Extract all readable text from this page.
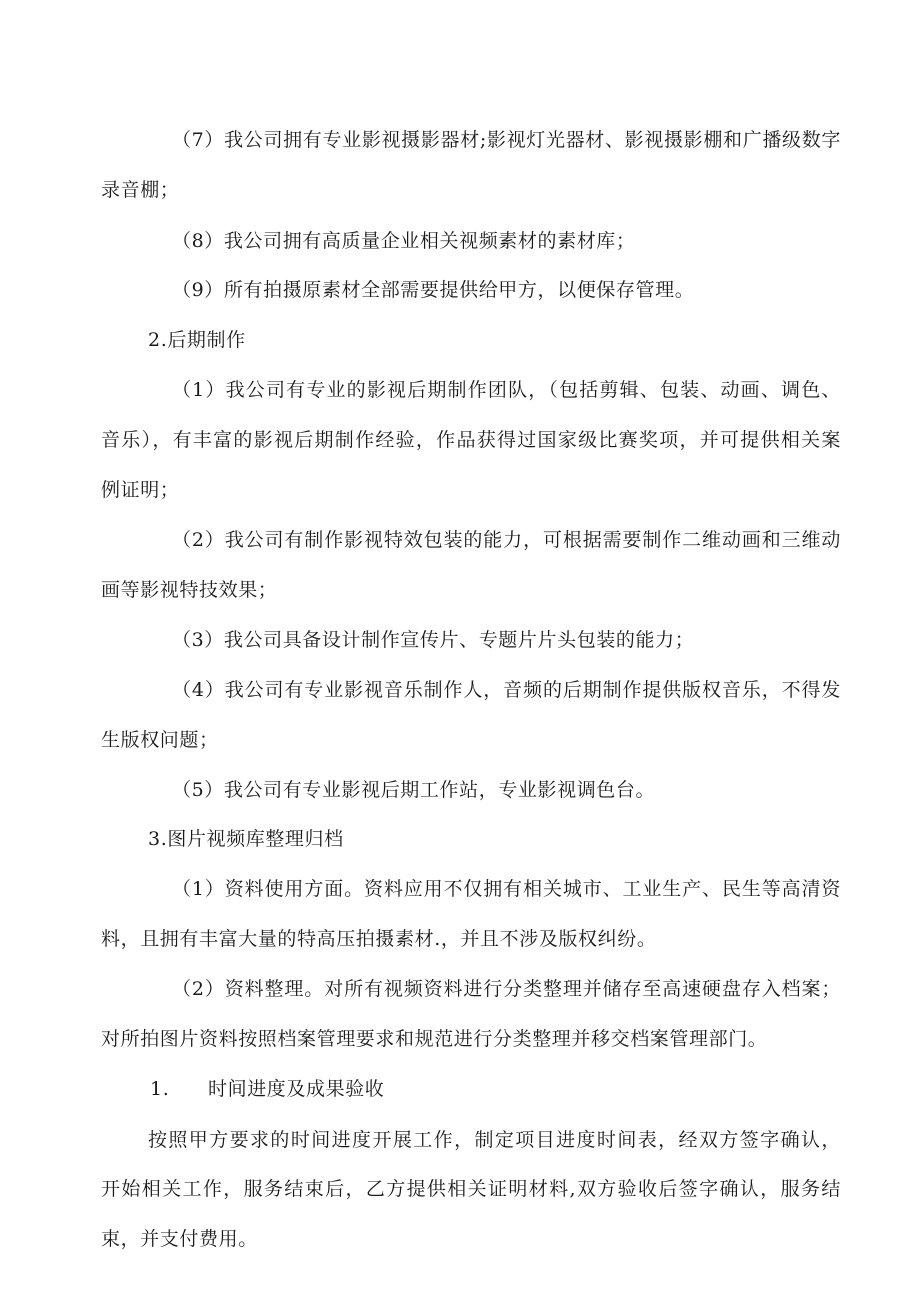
（7）我公司拥有专业影视摄影器材;影视灯光器材、影视摄影棚和广播级数字
录音棚；
（8）我公司拥有高质量企业相关视频素材的素材库；
（9）所有拍摄原素材全部需要提供给甲方，以便保存管理。
2.后期制作
（1）我公司有专业的影视后期制作团队，（包括剪辑、包装、动画、调色、
音乐），有丰富的影视后期制作经验，作品获得过国家级比赛奖项，并可提供相关案
例证明；
（2）我公司有制作影视特效包装的能力，可根据需要制作二维动画和三维动
画等影视特技效果；
（3）我公司具备设计制作宣传片、专题片片头包装的能力；
（4）我公司有专业影视音乐制作人，音频的后期制作提供版权音乐，不得发
生版权问题；
（5）我公司有专业影视后期工作站，专业影视调色台。
3.图片视频库整理归档
（1）资料使用方面。资料应用不仅拥有相关城市、工业生产、民生等高清资
料，且拥有丰富大量的特高压拍摄素材.，并且不涉及版权纠纷。
（2）资料整理。对所有视频资料进行分类整理并储存至高速硬盘存入档案；
对所拍图片资料按照档案管理要求和规范进行分类整理并移交档案管理部门。
1. 时间进度及成果验收
按照甲方要求的时间进度开展工作，制定项目进度时间表，经双方签字确认，
开始相关工作，服务结束后，乙方提供相关证明材料,双方验收后签字确认，服务结
束，并支付费用。
